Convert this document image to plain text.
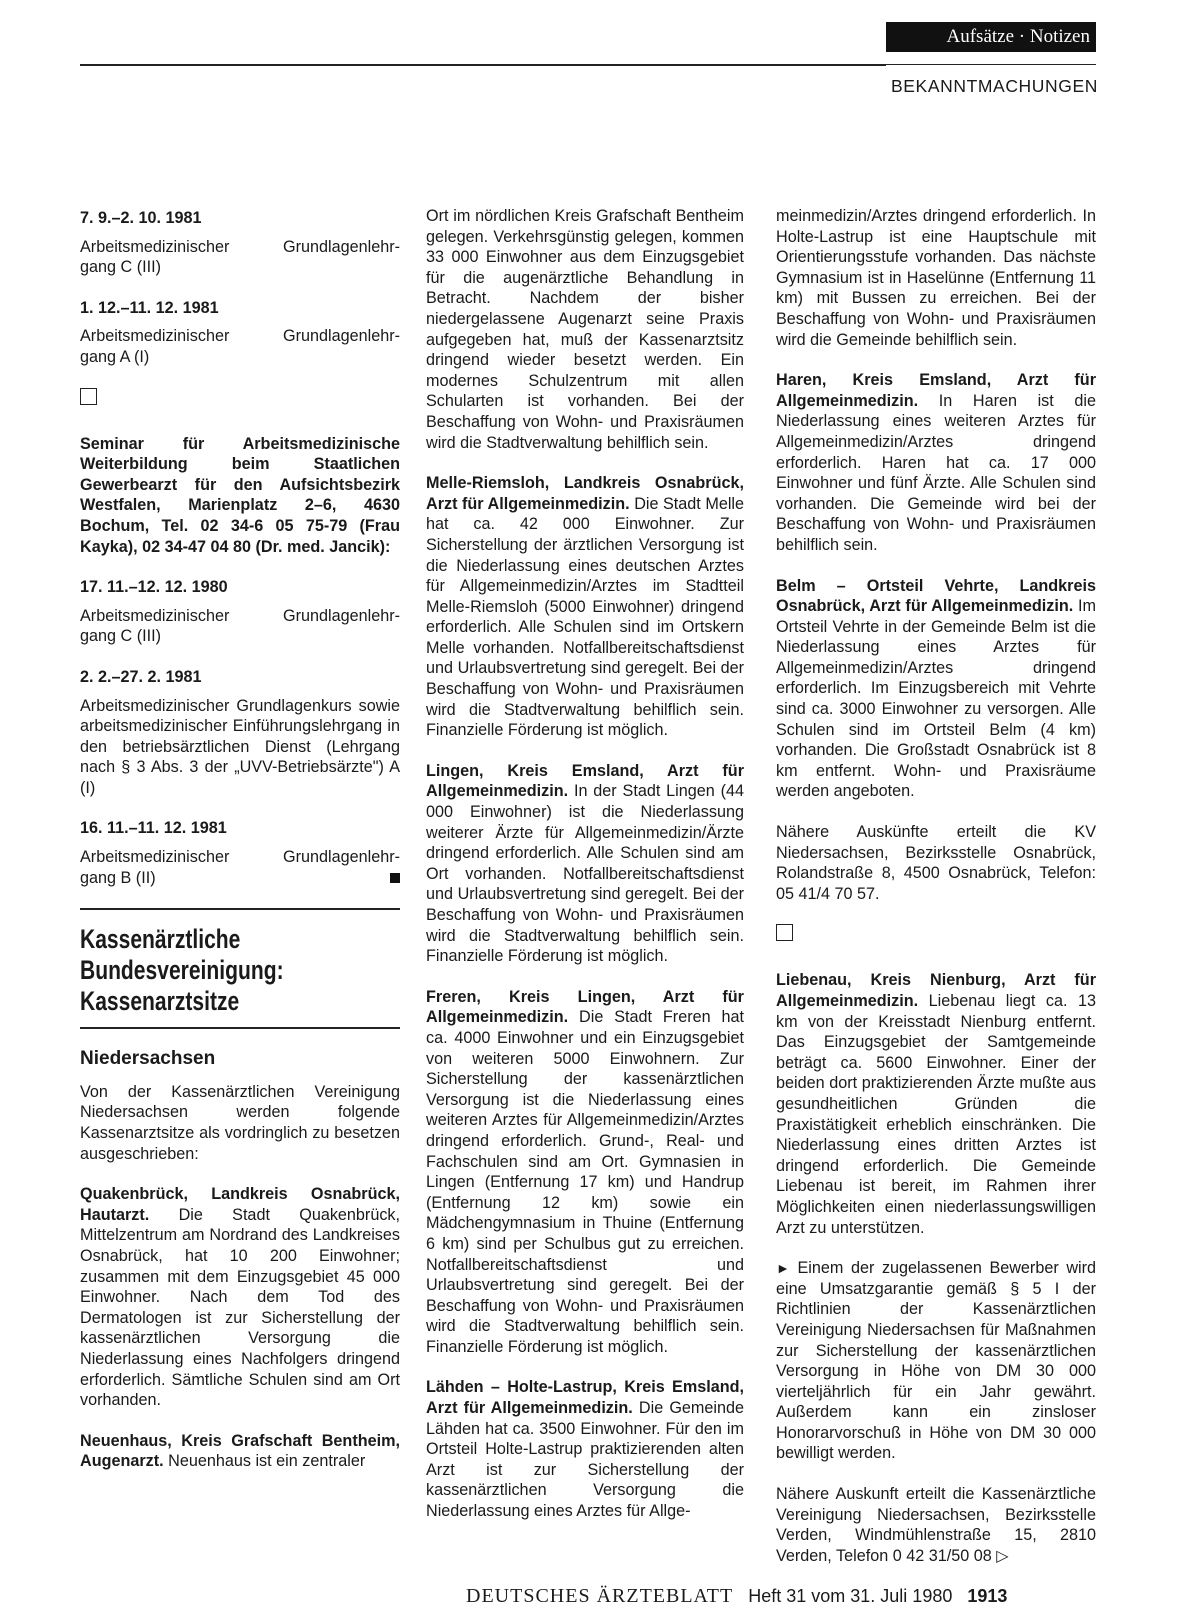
Aufsätze · Notizen
BEKANNTMACHUNGEN
7. 9.–2. 10. 1981
Arbeitsmedizinischer Grundlagenlehr-
gang C (III)
1. 12.–11. 12. 1981
Arbeitsmedizinischer Grundlagenlehr-
gang A (I)

Seminar für Arbeitsmedizinische Weiterbildung beim Staatlichen Gewerbearzt für den Aufsichtsbezirk Westfalen, Marienplatz 2–6, 4630 Bochum, Tel. 02 34-6 05 75-79 (Frau Kayka), 02 34-47 04 80 (Dr. med. Jancik):

17. 11.–12. 12. 1980
Arbeitsmedizinischer Grundlagenlehr-
gang C (III)
2. 2.–27. 2. 1981

Arbeitsmedizinischer Grundlagenkurs sowie arbeitsmedizinischer Einführungslehrgang in den betriebsärztlichen Dienst (Lehrgang nach § 3 Abs. 3 der „UVV-Betriebsärzte") A (I)

16. 11.–11. 12. 1981
Arbeitsmedizinischer Grundlagenlehr-
gang B (II)
Kassenärztliche Bundesvereinigung: Kassenarztsitze
Niedersachsen

Von der Kassenärztlichen Vereinigung Niedersachsen werden folgende Kassenarztsitze als vordringlich zu besetzen ausgeschrieben:

Quakenbrück, Landkreis Osnabrück, Hautarzt. Die Stadt Quakenbrück, Mittelzentrum am Nordrand des Landkreises Osnabrück, hat 10 200 Einwohner; zusammen mit dem Einzugsgebiet 45 000 Einwohner. Nach dem Tod des Dermatologen ist zur Sicherstellung der kassenärztlichen Versorgung die Niederlassung eines Nachfolgers dringend erforderlich. Sämtliche Schulen sind am Ort vorhanden.

Neuenhaus, Kreis Grafschaft Bentheim, Augenarzt. Neuenhaus ist ein zentraler

Ort im nördlichen Kreis Grafschaft Bentheim gelegen. Verkehrsgünstig gelegen, kommen 33 000 Einwohner aus dem Einzugsgebiet für die augenärztliche Behandlung in Betracht. Nachdem der bisher niedergelassene Augenarzt seine Praxis aufgegeben hat, muß der Kassenarztsitz dringend wieder besetzt werden. Ein modernes Schulzentrum mit allen Schularten ist vorhanden. Bei der Beschaffung von Wohn- und Praxisräumen wird die Stadtverwaltung behilflich sein.

Melle-Riemsloh, Landkreis Osnabrück, Arzt für Allgemeinmedizin. Die Stadt Melle hat ca. 42 000 Einwohner. Zur Sicherstellung der ärztlichen Versorgung ist die Niederlassung eines deutschen Arztes für Allgemeinmedizin/Arztes im Stadtteil Melle-Riemsloh (5000 Einwohner) dringend erforderlich. Alle Schulen sind im Ortskern Melle vorhanden. Notfallbereitschaftsdienst und Urlaubsvertretung sind geregelt. Bei der Beschaffung von Wohn- und Praxisräumen wird die Stadtverwaltung behilflich sein. Finanzielle Förderung ist möglich.

Lingen, Kreis Emsland, Arzt für Allgemeinmedizin. In der Stadt Lingen (44 000 Einwohner) ist die Niederlassung weiterer Ärzte für Allgemeinmedizin/Ärzte dringend erforderlich. Alle Schulen sind am Ort vorhanden. Notfallbereitschaftsdienst und Urlaubsvertretung sind geregelt. Bei der Beschaffung von Wohn- und Praxisräumen wird die Stadtverwaltung behilflich sein. Finanzielle Förderung ist möglich.

Freren, Kreis Lingen, Arzt für Allgemeinmedizin. Die Stadt Freren hat ca. 4000 Einwohner und ein Einzugsgebiet von weiteren 5000 Einwohnern. Zur Sicherstellung der kassenärztlichen Versorgung ist die Niederlassung eines weiteren Arztes für Allgemeinmedizin/Arztes dringend erforderlich. Grund-, Real- und Fachschulen sind am Ort. Gymnasien in Lingen (Entfernung 17 km) und Handrup (Entfernung 12 km) sowie ein Mädchengymnasium in Thuine (Entfernung 6 km) sind per Schulbus gut zu erreichen. Notfallbereitschaftsdienst und Urlaubsvertretung sind geregelt. Bei der Beschaffung von Wohn- und Praxisräumen wird die Stadtverwaltung behilflich sein. Finanzielle Förderung ist möglich.

Lähden – Holte-Lastrup, Kreis Emsland, Arzt für Allgemeinmedizin. Die Gemeinde Lähden hat ca. 3500 Einwohner. Für den im Ortsteil Holte-Lastrup praktizierenden alten Arzt ist zur Sicherstellung der kassenärztlichen Versorgung die Niederlassung eines Arztes für Allge-

meinmedizin/Arztes dringend erforderlich. In Holte-Lastrup ist eine Hauptschule mit Orientierungsstufe vorhanden. Das nächste Gymnasium ist in Haselünne (Entfernung 11 km) mit Bussen zu erreichen. Bei der Beschaffung von Wohn- und Praxisräumen wird die Gemeinde behilflich sein.

Haren, Kreis Emsland, Arzt für Allgemeinmedizin. In Haren ist die Niederlassung eines weiteren Arztes für Allgemeinmedizin/Arztes dringend erforderlich. Haren hat ca. 17 000 Einwohner und fünf Ärzte. Alle Schulen sind vorhanden. Die Gemeinde wird bei der Beschaffung von Wohn- und Praxisräumen behilflich sein.

Belm – Ortsteil Vehrte, Landkreis Osnabrück, Arzt für Allgemeinmedizin. Im Ortsteil Vehrte in der Gemeinde Belm ist die Niederlassung eines Arztes für Allgemeinmedizin/Arztes dringend erforderlich. Im Einzugsbereich mit Vehrte sind ca. 3000 Einwohner zu versorgen. Alle Schulen sind im Ortsteil Belm (4 km) vorhanden. Die Großstadt Osnabrück ist 8 km entfernt. Wohn- und Praxisräume werden angeboten.

Nähere Auskünfte erteilt die KV Niedersachsen, Bezirksstelle Osnabrück, Rolandstraße 8, 4500 Osnabrück, Telefon: 05 41/4 70 57.

Liebenau, Kreis Nienburg, Arzt für Allgemeinmedizin. Liebenau liegt ca. 13 km von der Kreisstadt Nienburg entfernt. Das Einzugsgebiet der Samtgemeinde beträgt ca. 5600 Einwohner. Einer der beiden dort praktizierenden Ärzte mußte aus gesundheitlichen Gründen die Praxistätigkeit erheblich einschränken. Die Niederlassung eines dritten Arztes ist dringend erforderlich. Die Gemeinde Liebenau ist bereit, im Rahmen ihrer Möglichkeiten einen niederlassungswilligen Arzt zu unterstützen.

► Einem der zugelassenen Bewerber wird eine Umsatzgarantie gemäß § 5 I der Richtlinien der Kassenärztlichen Vereinigung Niedersachsen für Maßnahmen zur Sicherstellung der kassenärztlichen Versorgung in Höhe von DM 30 000 vierteljährlich für ein Jahr gewährt. Außerdem kann ein zinsloser Honorarvorschuß in Höhe von DM 30 000 bewilligt werden.

Nähere Auskunft erteilt die Kassenärztliche Vereinigung Niedersachsen, Bezirksstelle Verden, Windmühlenstraße 15, 2810 Verden, Telefon 0 42 31/50 08 ▷

DEUTSCHES ÄRZTEBLATT Heft 31 vom 31. Juli 1980 1913
